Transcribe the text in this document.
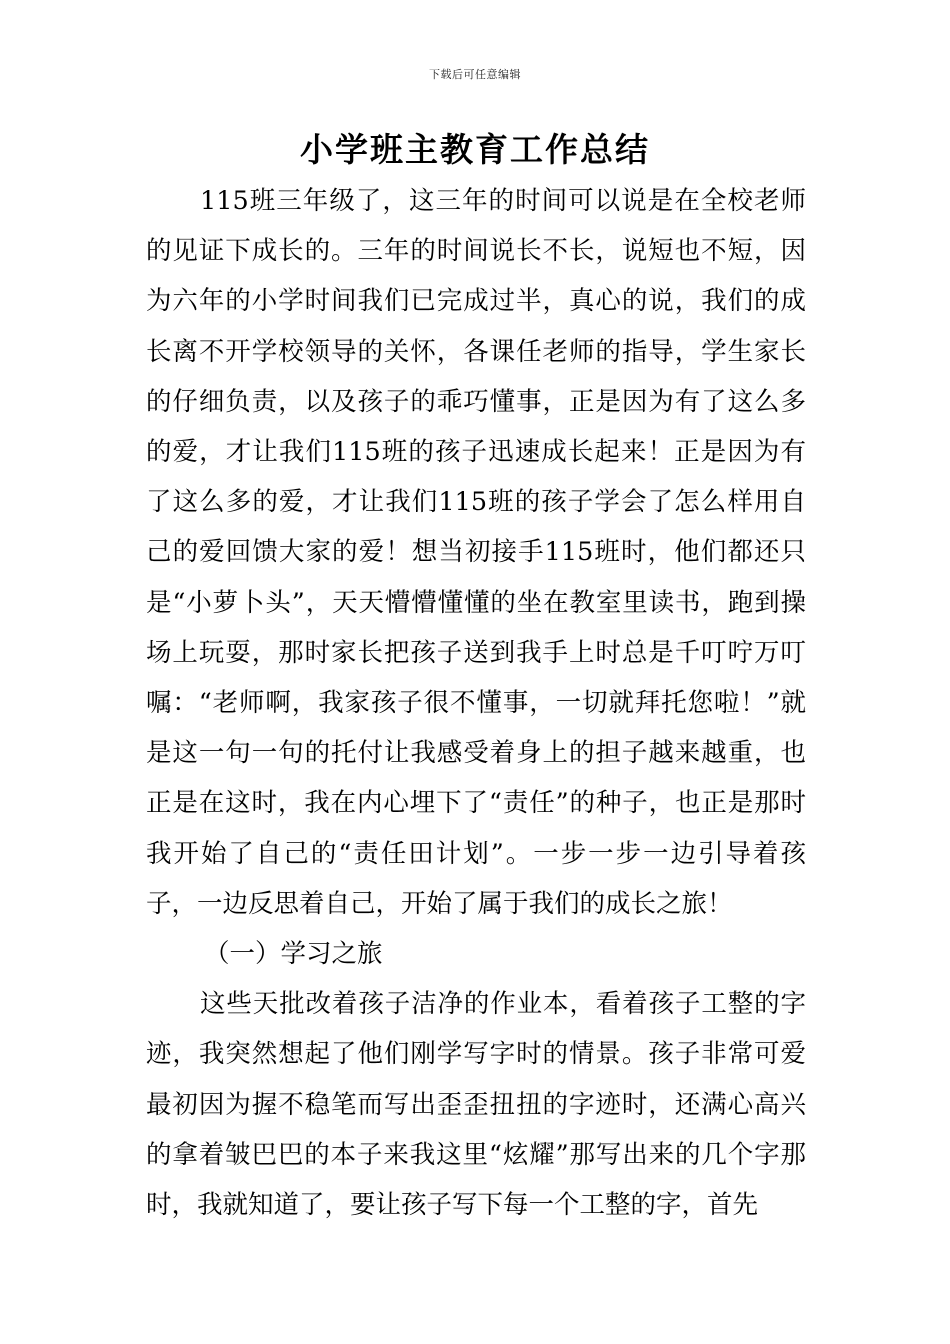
下载后可任意编辑
小学班主教育工作总结

115班三年级了，这三年的时间可以说是在全校老师的见证下成长的。三年的时间说长不长，说短也不短，因为六年的小学时间我们已完成过半，真心的说，我们的成长离不开学校领导的关怀，各课任老师的指导，学生家长的仔细负责，以及孩子的乖巧懂事，正是因为有了这么多的爱，才让我们115班的孩子迅速成长起来！正是因为有了这么多的爱，才让我们115班的孩子学会了怎么样用自己的爱回馈大家的爱！想当初接手115班时，他们都还只是“小萝卜头”，天天懵懵懂懂的坐在教室里读书，跑到操场上玩耍，那时家长把孩子送到我手上时总是千叮咛万叮嘱：“老师啊，我家孩子很不懂事，一切就拜托您啦！”就是这一句一句的托付让我感受着身上的担子越来越重，也正是在这时，我在内心埋下了“责任”的种子，也正是那时我开始了自己的“责任田计划”。一步一步一边引导着孩子，一边反思着自己，开始了属于我们的成长之旅！

（一）学习之旅

这些天批改着孩子洁净的作业本，看着孩子工整的字迹，我突然想起了他们刚学写字时的情景。孩子非常可爱最初因为握不稳笔而写出歪歪扭扭的字迹时，还满心高兴的拿着皱巴巴的本子来我这里“炫耀”那写出来的几个字那时，我就知道了，要让孩子写下每一个工整的字，首先
